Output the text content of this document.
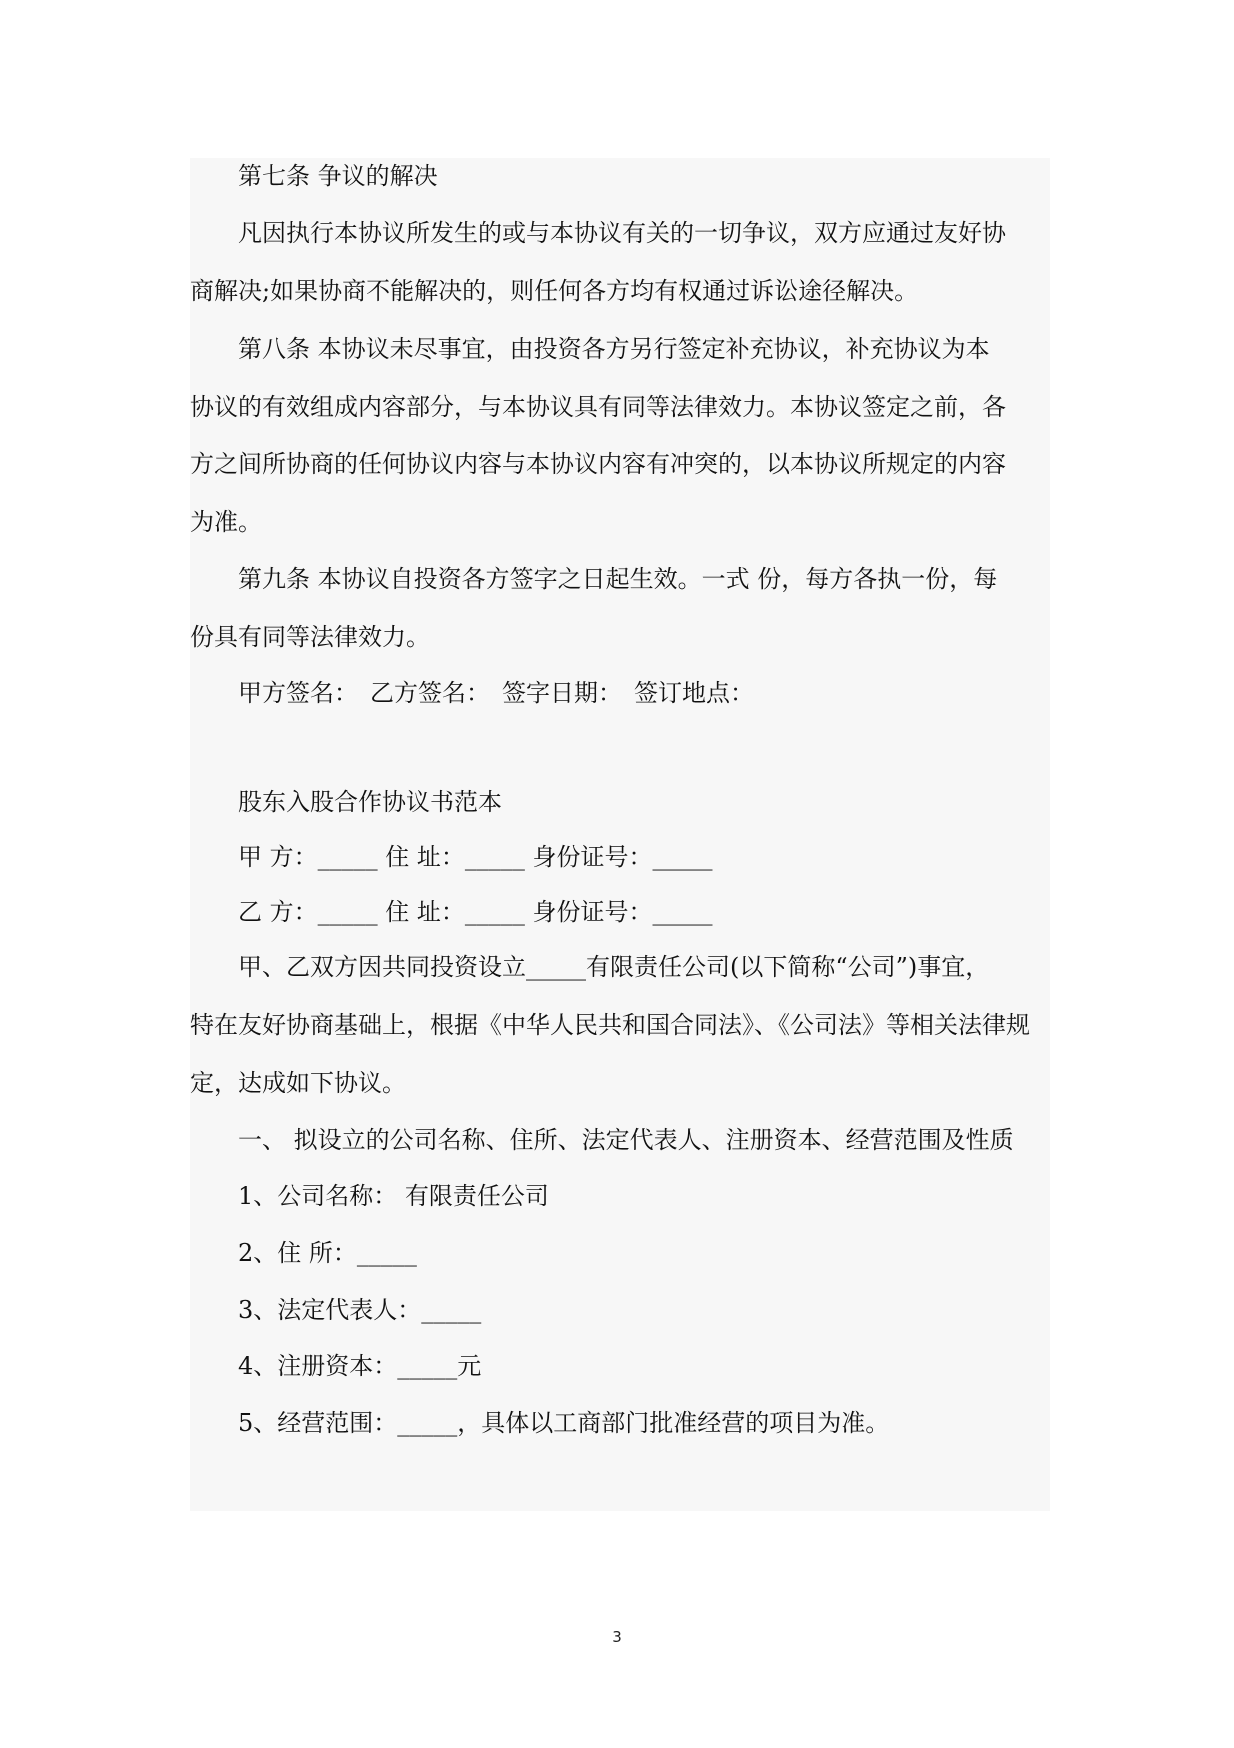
　　第七条 争议的解决
　　凡因执行本协议所发生的或与本协议有关的一切争议，双方应通过友好协
商解决;如果协商不能解决的，则任何各方均有权通过诉讼途径解决。
　　第八条 本协议未尽事宜，由投资各方另行签定补充协议，补充协议为本
协议的有效组成内容部分，与本协议具有同等法律效力。本协议签定之前，各
方之间所协商的任何协议内容与本协议内容有冲突的，以本协议所规定的内容
为准。
　　第九条 本协议自投资各方签字之日起生效。一式 份，每方各执一份，每
份具有同等法律效力。
　　甲方签名：　乙方签名：　签字日期：　签订地点：
　　股东入股合作协议书范本
　　甲 方：_____ 住 址：_____ 身份证号：_____
　　乙 方：_____ 住 址：_____ 身份证号：_____
　　甲、乙双方因共同投资设立_____有限责任公司(以下简称“公司”)事宜，
特在友好协商基础上，根据《中华人民共和国合同法》、《公司法》等相关法律规
定，达成如下协议。
　　一、 拟设立的公司名称、住所、法定代表人、注册资本、经营范围及性质
　　1、公司名称： 有限责任公司
　　2、住 所：_____
　　3、法定代表人：_____
　　4、注册资本：_____元
　　5、经营范围：_____，具体以工商部门批准经营的项目为准。
3
